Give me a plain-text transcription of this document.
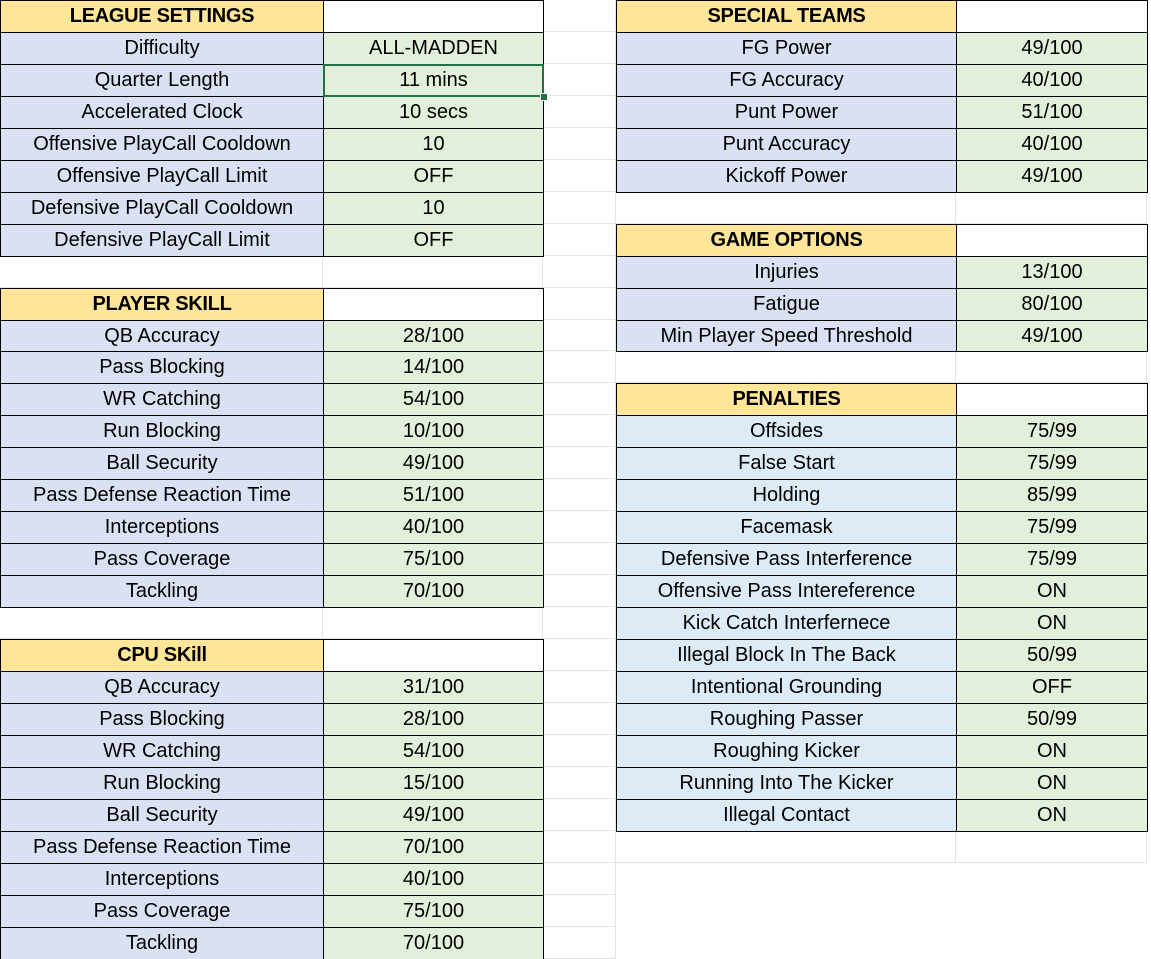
LEAGUE SETTINGS
Difficulty	ALL-MADDEN
Quarter Length	11 mins
Accelerated Clock	10 secs
Offensive PlayCall Cooldown	10
Offensive PlayCall Limit	OFF
Defensive PlayCall Cooldown	10
Defensive PlayCall Limit	OFF
PLAYER SKILL
QB Accuracy	28/100
Pass Blocking	14/100
WR Catching	54/100
Run Blocking	10/100
Ball Security	49/100
Pass Defense Reaction Time	51/100
Interceptions	40/100
Pass Coverage	75/100
Tackling	70/100
CPU SKill
QB Accuracy	31/100
Pass Blocking	28/100
WR Catching	54/100
Run Blocking	15/100
Ball Security	49/100
Pass Defense Reaction Time	70/100
Interceptions	40/100
Pass Coverage	75/100
Tackling	70/100
SPECIAL TEAMS
FG Power	49/100
FG Accuracy	40/100
Punt Power	51/100
Punt Accuracy	40/100
Kickoff Power	49/100
GAME OPTIONS
Injuries	13/100
Fatigue	80/100
Min Player Speed Threshold	49/100
PENALTIES
Offsides	75/99
False Start	75/99
Holding	85/99
Facemask	75/99
Defensive Pass Interference	75/99
Offensive Pass Intereference	ON
Kick Catch Interfernece	ON
Illegal Block In The Back	50/99
Intentional Grounding	OFF
Roughing Passer	50/99
Roughing Kicker	ON
Running Into The Kicker	ON
Illegal Contact	ON
